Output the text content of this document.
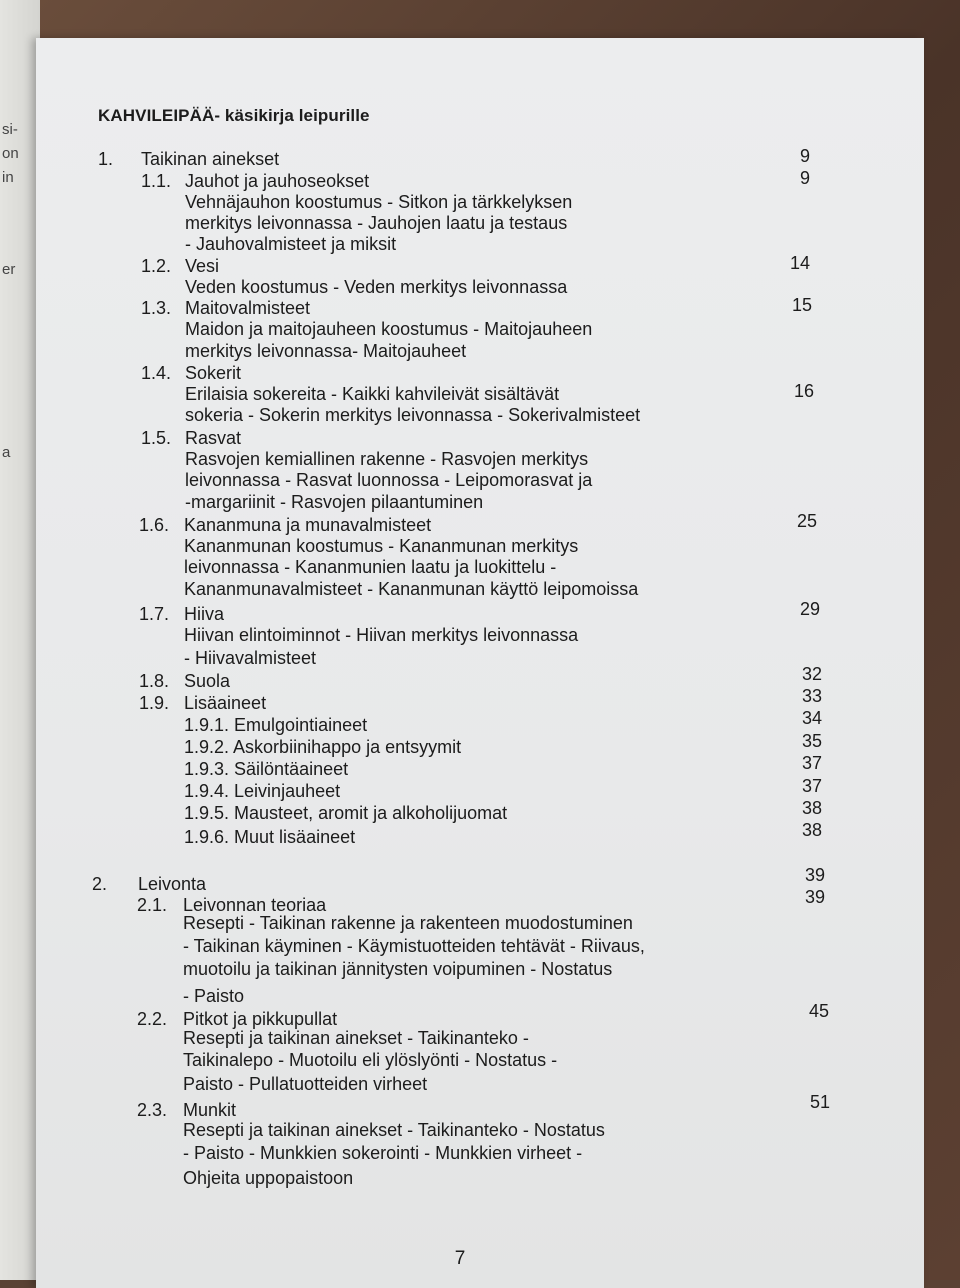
si-
on
in
er
a
KAHVILEIPÄÄ- käsikirja leipurille
1. Taikinan ainekset	9
1.1. Jauhot ja jauhoseokset	9
Vehnäjauhon koostumus - Sitkon ja tärkkelyksen
merkitys leivonnassa - Jauhojen laatu ja testaus
- Jauhovalmisteet ja miksit
1.2. Vesi	14
Veden koostumus - Veden merkitys leivonnassa
1.3. Maitovalmisteet	15
Maidon ja maitojauheen koostumus - Maitojauheen
merkitys leivonnassa- Maitojauheet
1.4. Sokerit
Erilaisia sokereita - Kaikki kahvileivät sisältävät	16
sokeria - Sokerin merkitys leivonnassa - Sokerivalmisteet
1.5. Rasvat
Rasvojen kemiallinen rakenne - Rasvojen merkitys
leivonnassa - Rasvat luonnossa - Leipomorasvat ja
-margariinit - Rasvojen pilaantuminen
1.6. Kananmuna ja munavalmisteet	25
Kananmunan koostumus - Kananmunan merkitys
leivonnassa - Kananmunien laatu ja luokittelu -
Kananmunavalmisteet - Kananmunan käyttö leipomoissa
1.7. Hiiva	29
Hiivan elintoiminnot - Hiivan merkitys leivonnassa
- Hiivavalmisteet
1.8. Suola	32
1.9. Lisäaineet	33
1.9.1. Emulgointiaineet	34
1.9.2. Askorbiinihappo ja entsyymit	35
1.9.3. Säilöntäaineet	37
1.9.4. Leivinjauheet	37
1.9.5. Mausteet, aromit ja alkoholijuomat	38
1.9.6. Muut lisäaineet	38
2. Leivonta	39
2.1. Leivonnan teoriaa	39
Resepti - Taikinan rakenne ja rakenteen muodostuminen
- Taikinan käyminen - Käymistuotteiden tehtävät - Riivaus,
muotoilu ja taikinan jännitysten voipuminen - Nostatus
- Paisto
2.2. Pitkot ja pikkupullat	45
Resepti ja taikinan ainekset - Taikinanteko -
Taikinalepo - Muotoilu eli ylöslyönti - Nostatus -
Paisto - Pullatuotteiden virheet
2.3. Munkit	51
Resepti ja taikinan ainekset - Taikinanteko - Nostatus
- Paisto - Munkkien sokerointi - Munkkien virheet -
Ohjeita uppopaistoon
7
